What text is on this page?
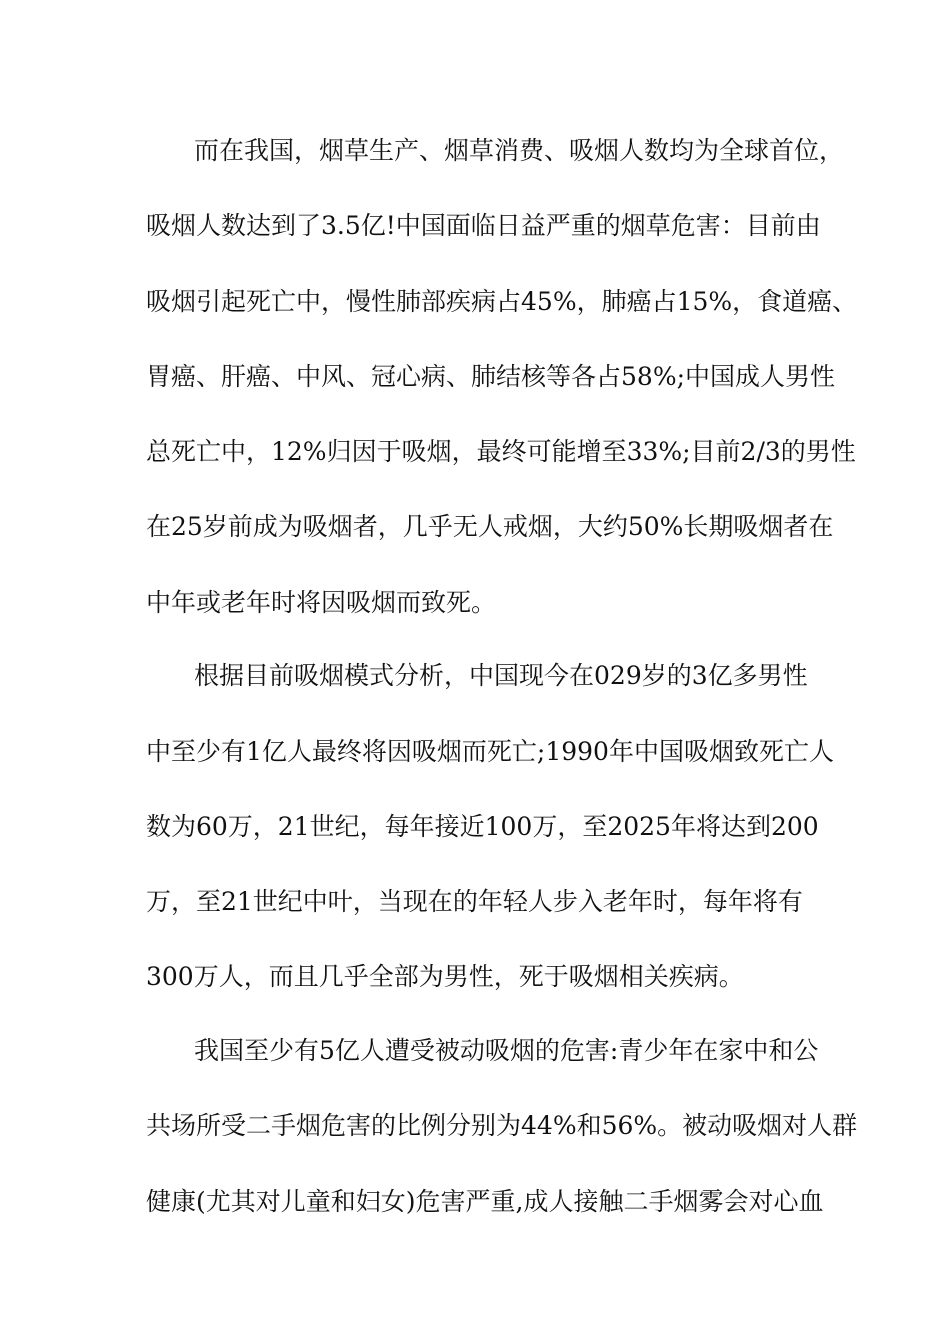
而在我国，烟草生产、烟草消费、吸烟人数均为全球首位，
吸烟人数达到了3.5亿!中国面临日益严重的烟草危害：目前由
吸烟引起死亡中，慢性肺部疾病占45%，肺癌占15%，食道癌、
胃癌、肝癌、中风、冠心病、肺结核等各占58%;中国成人男性
总死亡中，12%归因于吸烟，最终可能增至33%;目前2/3的男性
在25岁前成为吸烟者，几乎无人戒烟，大约50%长期吸烟者在
中年或老年时将因吸烟而致死。
根据目前吸烟模式分析，中国现今在029岁的3亿多男性
中至少有1亿人最终将因吸烟而死亡;1990年中国吸烟致死亡人
数为60万，21世纪，每年接近100万，至2025年将达到200
万，至21世纪中叶，当现在的年轻人步入老年时，每年将有
300万人，而且几乎全部为男性，死于吸烟相关疾病。
我国至少有5亿人遭受被动吸烟的危害:青少年在家中和公
共场所受二手烟危害的比例分别为44%和56%。被动吸烟对人群
健康(尤其对儿童和妇女)危害严重,成人接触二手烟雾会对心血
